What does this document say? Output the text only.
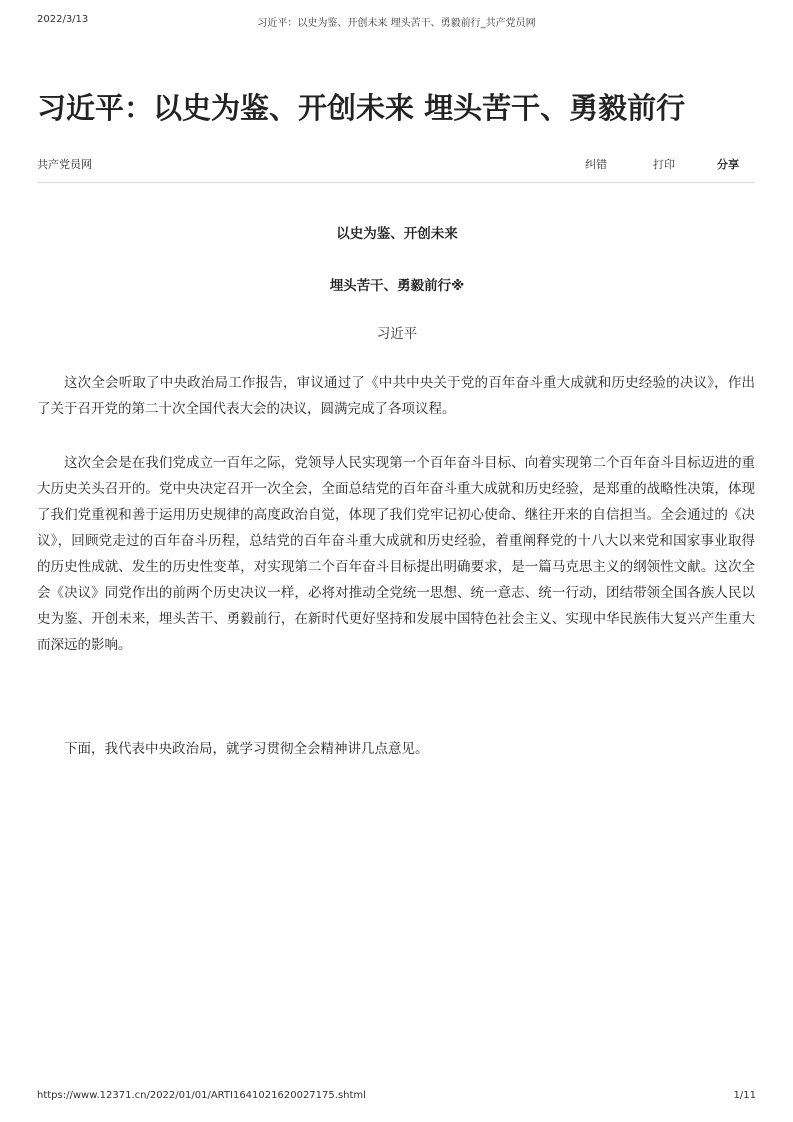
2022/3/13	习近平：以史为鉴、开创未来 埋头苦干、勇毅前行_共产党员网
习近平：以史为鉴、开创未来 埋头苦干、勇毅前行
共产党员网	纠错	打印	分享

以史为鉴、开创未来

埋头苦干、勇毅前行※

习近平

这次全会听取了中央政治局工作报告，审议通过了《中共中央关于党的百年奋斗重大成就和历史经验的决议》，作出了关于召开党的第二十次全国代表大会的决议，圆满完成了各项议程。

这次全会是在我们党成立一百年之际，党领导人民实现第一个百年奋斗目标、向着实现第二个百年奋斗目标迈进的重大历史关头召开的。党中央决定召开一次全会，全面总结党的百年奋斗重大成就和历史经验，是郑重的战略性决策，体现了我们党重视和善于运用历史规律的高度政治自觉，体现了我们党牢记初心使命、继往开来的自信担当。全会通过的《决议》，回顾党走过的百年奋斗历程，总结党的百年奋斗重大成就和历史经验，着重阐释党的十八大以来党和国家事业取得的历史性成就、发生的历史性变革，对实现第二个百年奋斗目标提出明确要求，是一篇马克思主义的纲领性文献。这次全会《决议》同党作出的前两个历史决议一样，必将对推动全党统一思想、统一意志、统一行动，团结带领全国各族人民以史为鉴、开创未来，埋头苦干、勇毅前行，在新时代更好坚持和发展中国特色社会主义、实现中华民族伟大复兴产生重大而深远的影响。

下面，我代表中央政治局，就学习贯彻全会精神讲几点意见。

https://www.12371.cn/2022/01/01/ARTI1641021620027175.shtml	1/11
